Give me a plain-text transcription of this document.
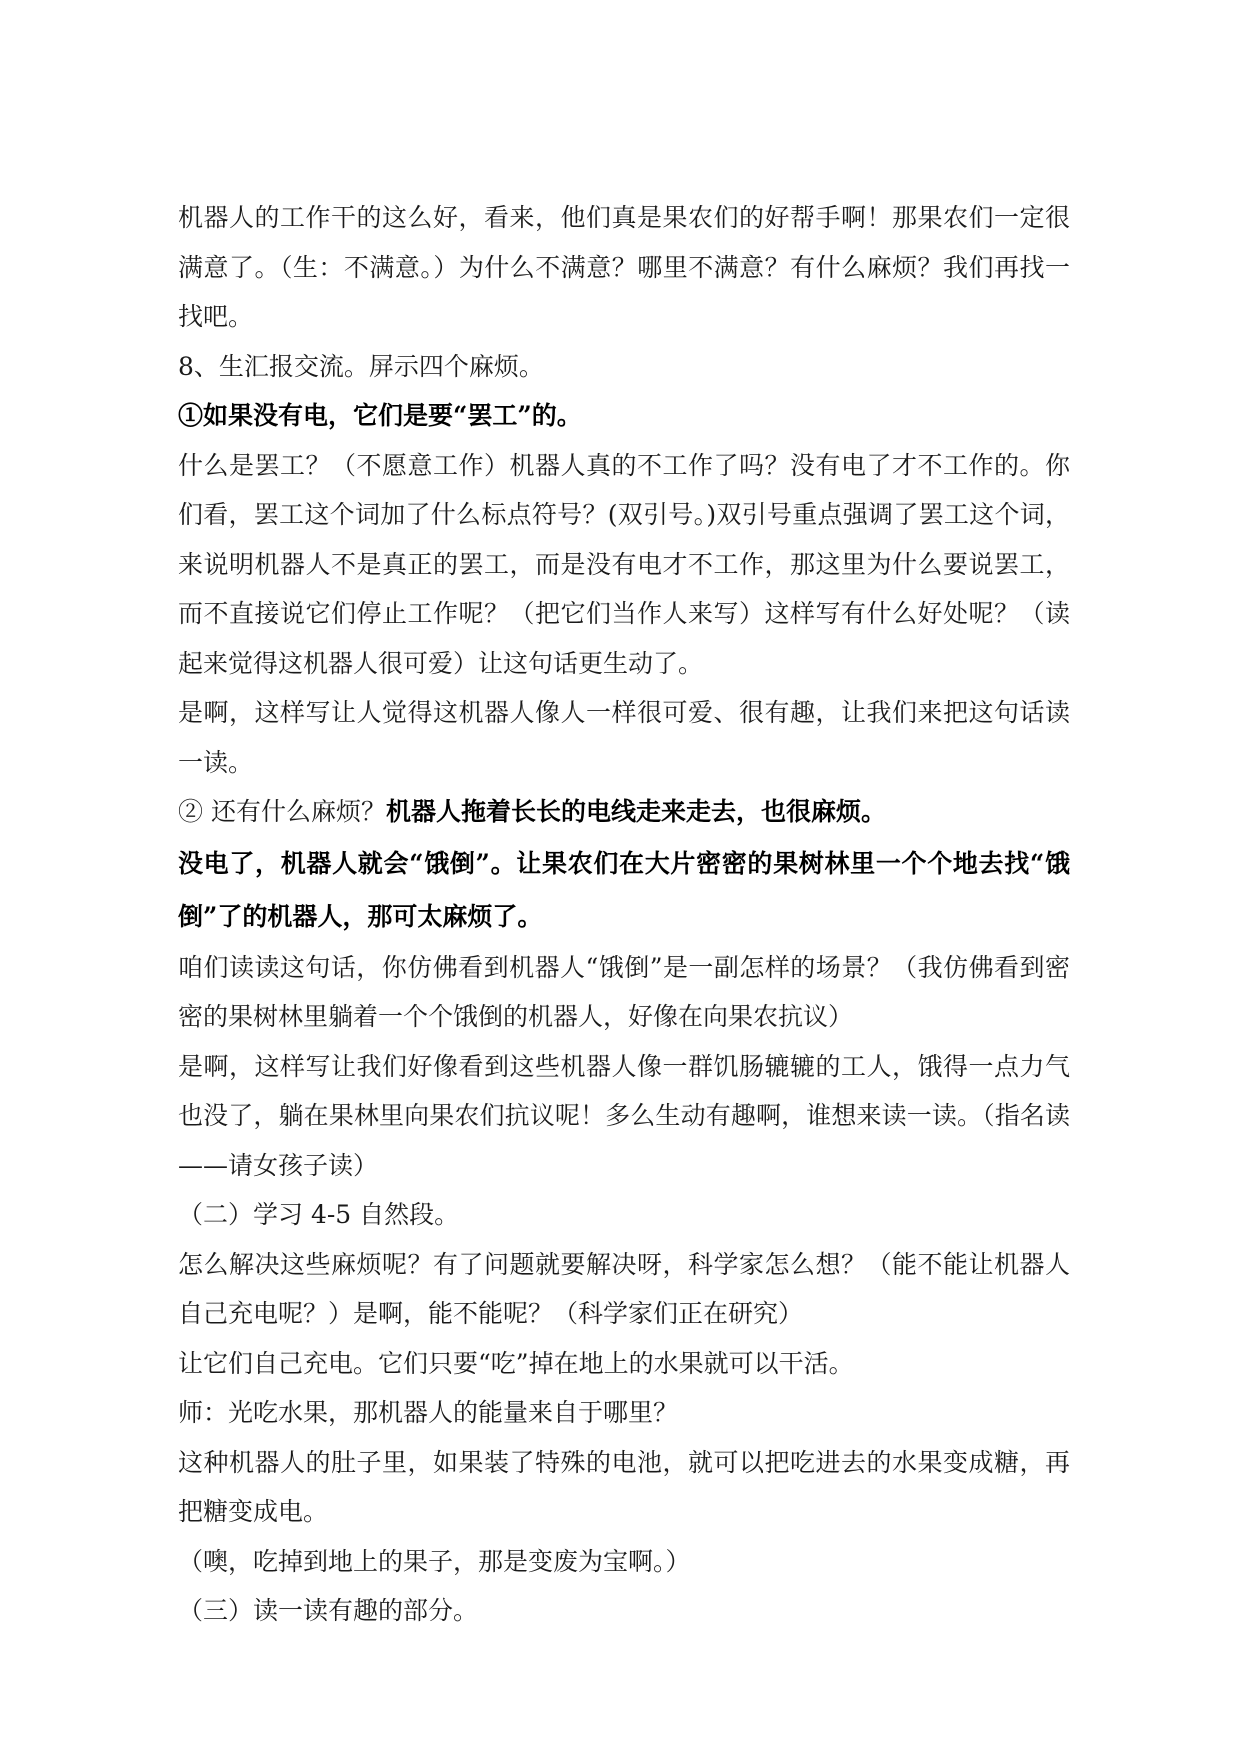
机器人的工作干的这么好，看来，他们真是果农们的好帮手啊！那果农们一定很满意了。（生：不满意。）为什么不满意？哪里不满意？有什么麻烦？我们再找一找吧。

8、生汇报交流。屏示四个麻烦。

①如果没有电，它们是要“罢工”的。

什么是罢工？（不愿意工作）机器人真的不工作了吗？没有电了才不工作的。你们看，罢工这个词加了什么标点符号？(双引号。)双引号重点强调了罢工这个词，来说明机器人不是真正的罢工，而是没有电才不工作，那这里为什么要说罢工，而不直接说它们停止工作呢？（把它们当作人来写）这样写有什么好处呢？（读起来觉得这机器人很可爱）让这句话更生动了。

是啊，这样写让人觉得这机器人像人一样很可爱、很有趣，让我们来把这句话读一读。

② 还有什么麻烦？机器人拖着长长的电线走来走去，也很麻烦。

没电了，机器人就会“饿倒”。让果农们在大片密密的果树林里一个个地去找“饿倒”了的机器人，那可太麻烦了。

咱们读读这句话，你仿佛看到机器人“饿倒”是一副怎样的场景？（我仿佛看到密密的果树林里躺着一个个饿倒的机器人，好像在向果农抗议）

是啊，这样写让我们好像看到这些机器人像一群饥肠辘辘的工人，饿得一点力气也没了，躺在果林里向果农们抗议呢！多么生动有趣啊，谁想来读一读。（指名读——请女孩子读）

（二）学习 4-5 自然段。

怎么解决这些麻烦呢？有了问题就要解决呀，科学家怎么想？（能不能让机器人自己充电呢？）是啊，能不能呢？（科学家们正在研究）

让它们自己充电。它们只要“吃”掉在地上的水果就可以干活。

师：光吃水果，那机器人的能量来自于哪里？

这种机器人的肚子里，如果装了特殊的电池，就可以把吃进去的水果变成糖，再把糖变成电。

（噢，吃掉到地上的果子，那是变废为宝啊。）

（三）读一读有趣的部分。
